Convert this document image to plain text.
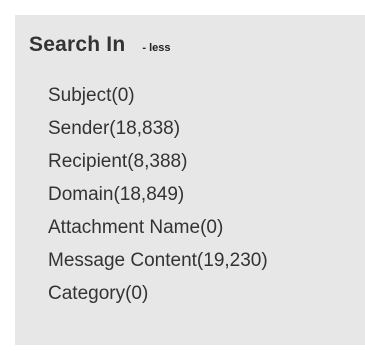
Search In - less
Subject(0)
Sender(18,838)
Recipient(8,388)
Domain(18,849)
Attachment Name(0)
Message Content(19,230)
Category(0)
